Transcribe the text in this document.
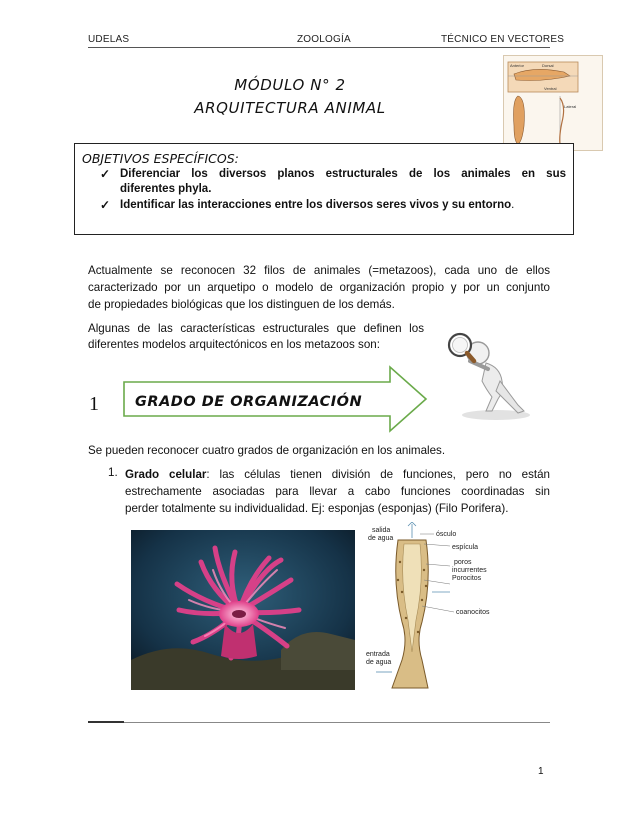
UDELAS	ZOOLOGÍA	TÉCNICO EN VECTORES
MÓDULO N° 2
ARQUITECTURA ANIMAL
Anterior	Dorsal
Ventral
Lateral
OBJETIVOS ESPECÍFICOS:
✓ Diferenciar los diversos planos estructurales de los animales en sus
diferentes phyla.
✓ Identificar las interacciones entre los diversos seres vivos y su entorno.
Actualmente se reconocen 32 filos de animales (=metazoos), cada uno de ellos
caracterizado por un arquetipo o modelo de organización propio y por un conjunto
de propiedades biológicas que los distinguen de los demás.
Algunas de las características estructurales que definen los
diferentes modelos arquitectónicos en los metazoos son:
1 GRADO DE ORGANIZACIÓN
Se pueden reconocer cuatro grados de organización en los animales.
1. Grado celular: las células tienen división de funciones, pero no están
estrechamente asociadas para llevar a cabo funciones coordinadas sin
perder totalmente su individualidad. Ej: esponjas (esponjas) (Filo Porifera).
salida
de agua
ósculo
espícula
poros
incurrentes
Porocitos
coanocitos
entrada
de agua
1
